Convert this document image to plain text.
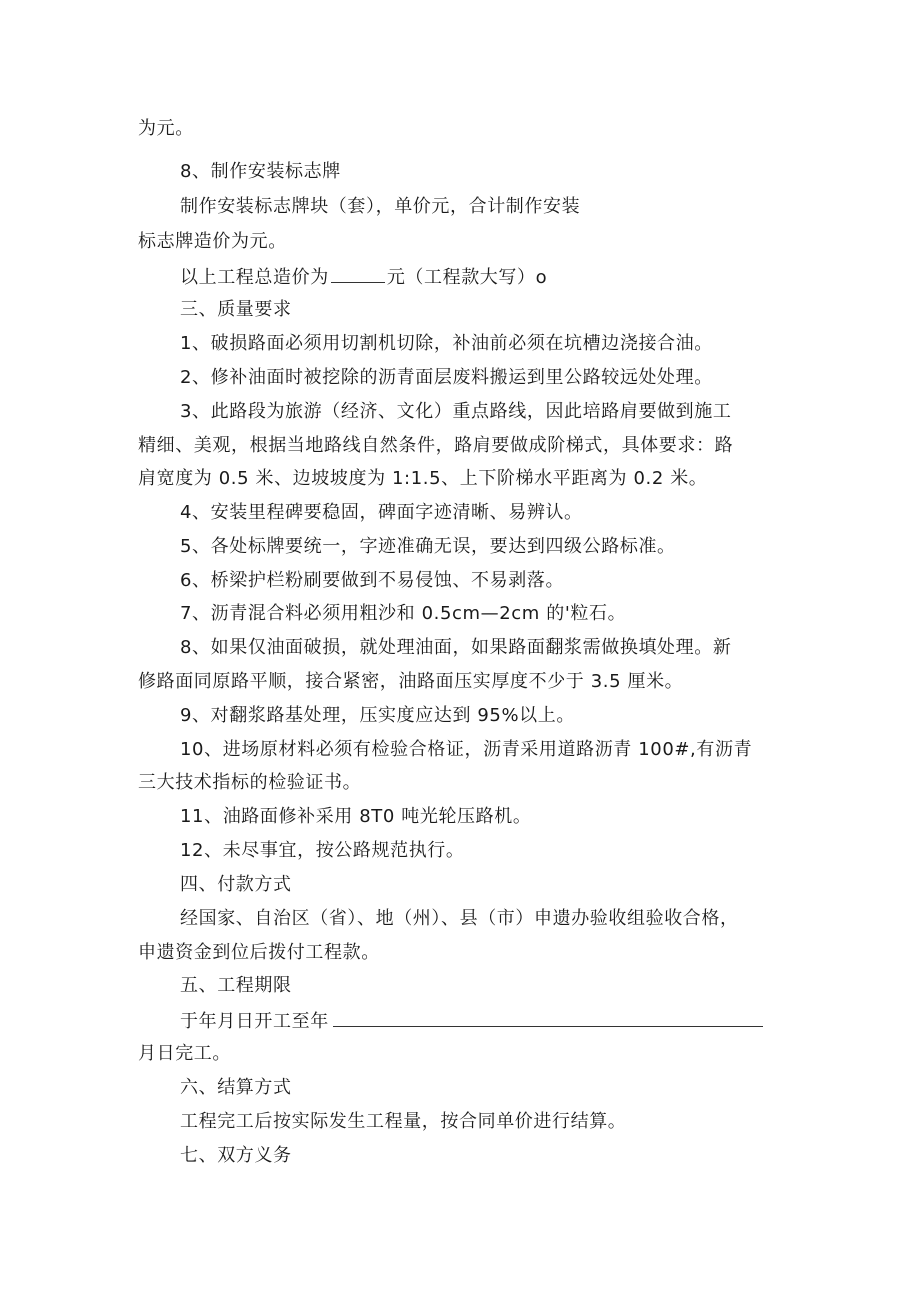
为元。

8、制作安装标志牌

制作安装标志牌块（套），单价元，合计制作安装

标志牌造价为元。

以上工程总造价为	元（工程款大写）o

三、质量要求

1、破损路面必须用切割机切除，补油前必须在坑槽边浇接合油。

2、修补油面时被挖除的沥青面层废料搬运到里公路较远处处理。

3、此路段为旅游（经济、文化）重点路线，因此培路肩要做到施工

精细、美观，根据当地路线自然条件，路肩要做成阶梯式，具体要求：路

肩宽度为 0.5 米、边坡坡度为 1:1.5、上下阶梯水平距离为 0.2 米。

4、安装里程碑要稳固，碑面字迹清晰、易辨认。

5、各处标牌要统一，字迹准确无误，要达到四级公路标准。

6、桥梁护栏粉刷要做到不易侵蚀、不易剥落。

7、沥青混合料必须用粗沙和 0.5cm—2cm 的'粒石。

8、如果仅油面破损，就处理油面，如果路面翻浆需做换填处理。新

修路面同原路平顺，接合紧密，油路面压实厚度不少于 3.5 厘米。

9、对翻浆路基处理，压实度应达到 95%以上。

10、进场原材料必须有检验合格证，沥青采用道路沥青 100#,有沥青

三大技术指标的检验证书。

11、油路面修补采用 8T0 吨光轮压路机。

12、未尽事宜，按公路规范执行。

四、付款方式

经国家、自治区（省）、地（州）、县（市）申遗办验收组验收合格，

申遗资金到位后拨付工程款。

五、工程期限

于年月日开工至年

月日完工。

六、结算方式

工程完工后按实际发生工程量，按合同单价进行结算。

七、双方义务
